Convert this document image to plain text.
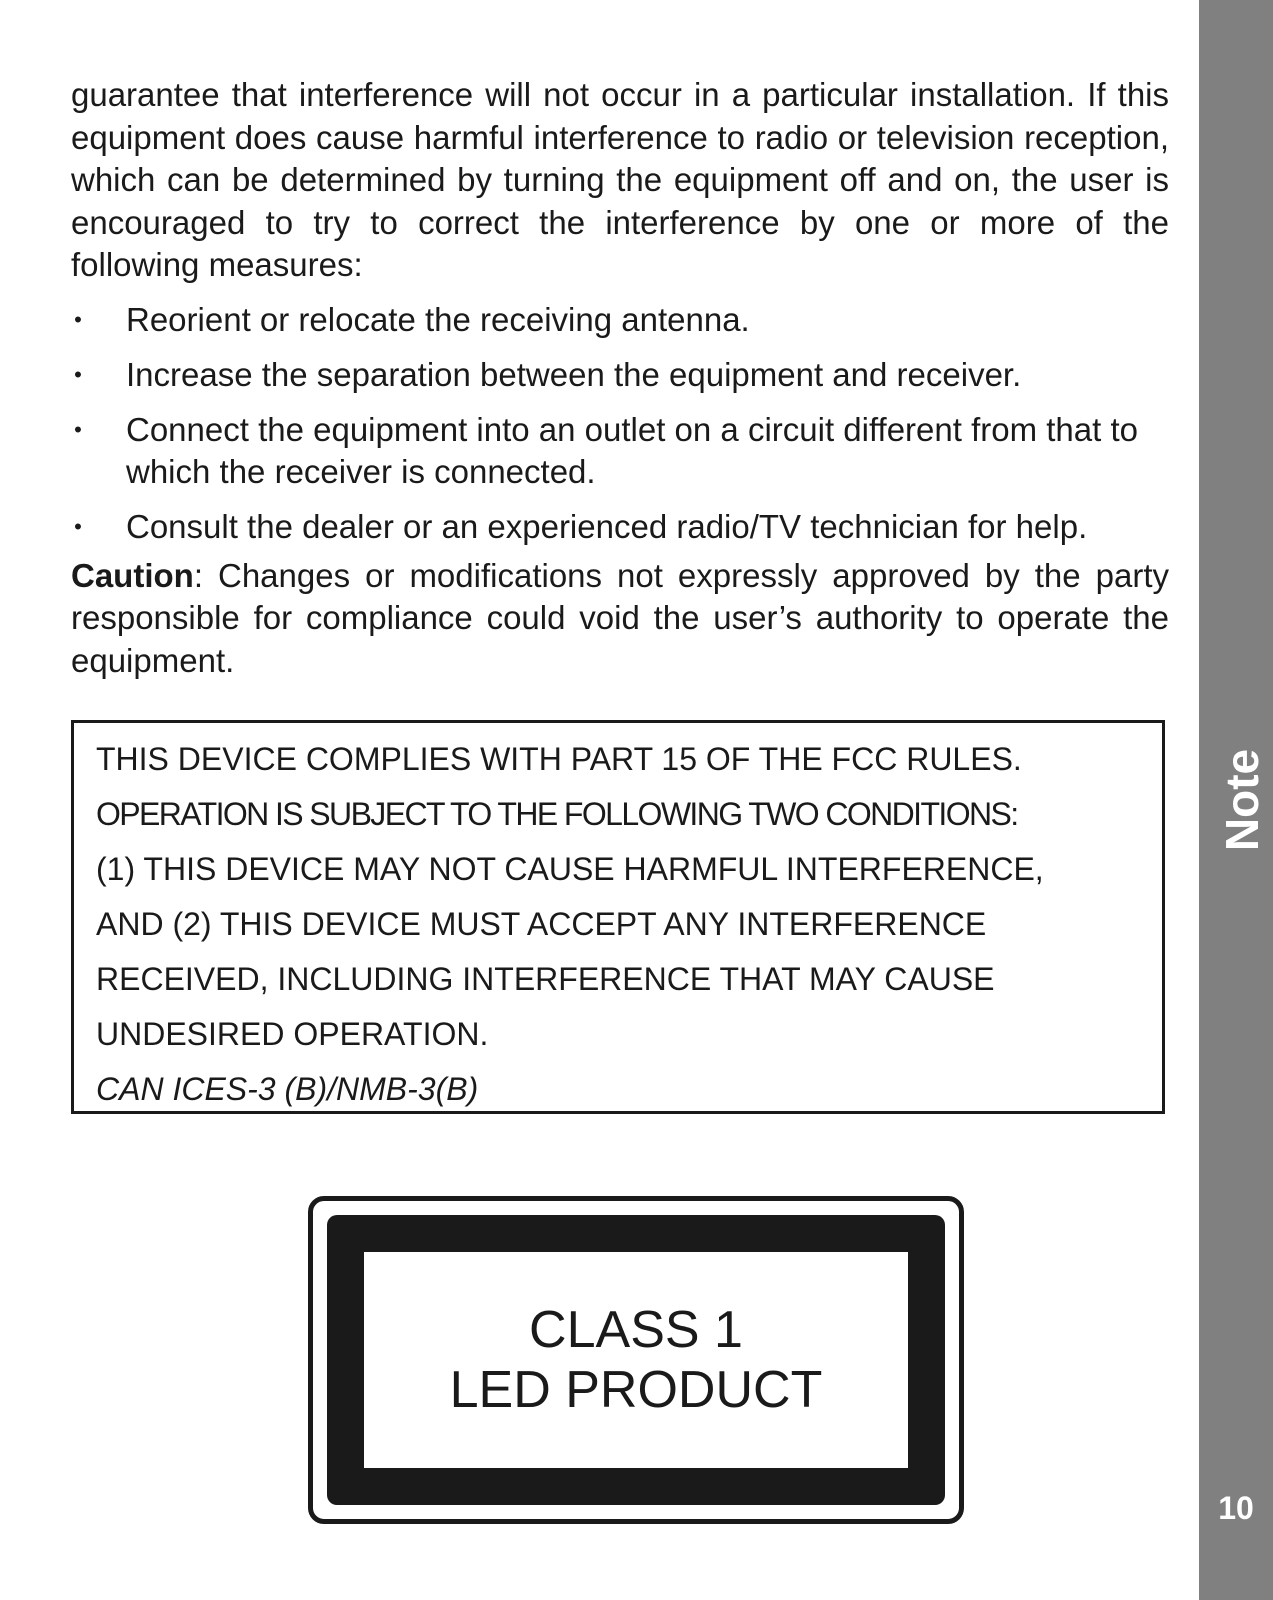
guarantee that interference will not occur in a particular installation. If this equipment does cause harmful interference to radio or television reception, which can be determined by turning the equipment off and on, the user is encouraged to try to correct the interference by one or more of the following measures:

• Reorient or relocate the receiving antenna.
• Increase the separation between the equipment and receiver.
• Connect the equipment into an outlet on a circuit different from that to which the receiver is connected.
• Consult the dealer or an experienced radio/TV technician for help.

Caution: Changes or modifications not expressly approved by the party responsible for compliance could void the user’s authority to operate the equipment.

THIS DEVICE COMPLIES WITH PART 15 OF THE FCC RULES.
OPERATION IS SUBJECT TO THE FOLLOWING TWO CONDITIONS:
(1) THIS DEVICE MAY NOT CAUSE HARMFUL INTERFERENCE,
AND (2) THIS DEVICE MUST ACCEPT ANY INTERFERENCE
RECEIVED, INCLUDING INTERFERENCE THAT MAY CAUSE
UNDESIRED OPERATION.
CAN ICES-3 (B)/NMB-3(B)
CLASS 1
LED PRODUCT
Note
10
